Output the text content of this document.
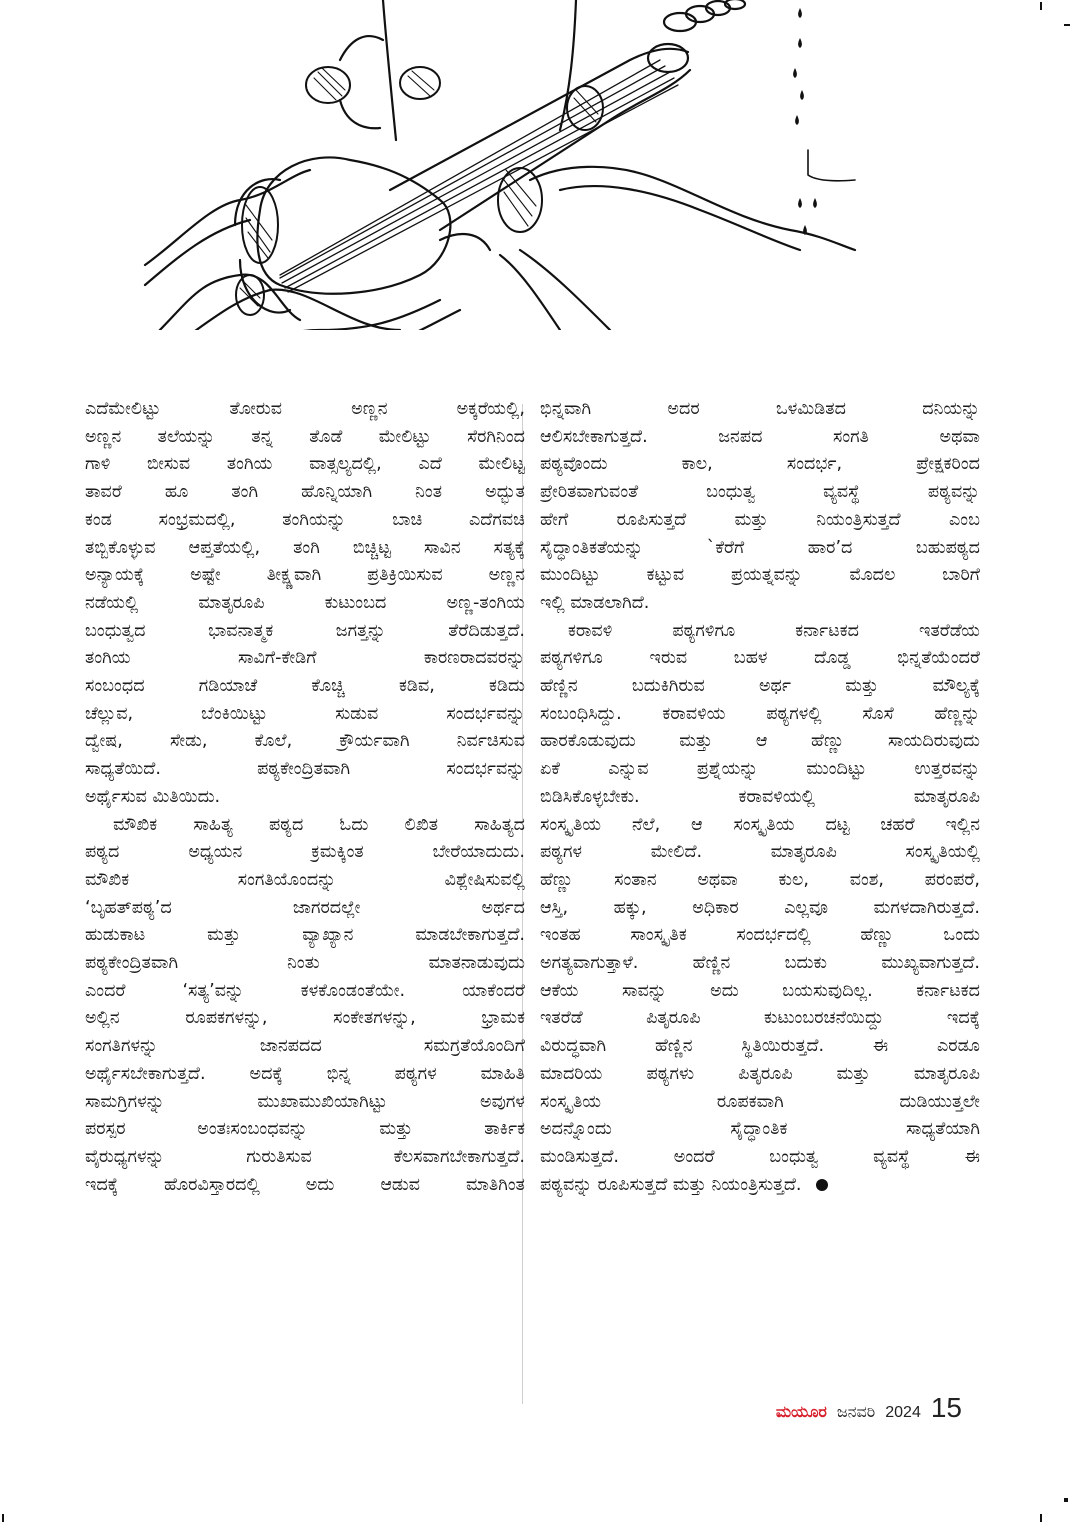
ಎದೆಮೇಲಿಟ್ಟು ತೋರುವ ಅಣ್ಣನ ಅಕ್ಕರೆಯಲ್ಲಿ,
ಅಣ್ಣನ ತಲೆಯನ್ನು ತನ್ನ ತೊಡೆ ಮೇಲಿಟ್ಟು ಸೆರಗಿನಿಂದ
ಗಾಳಿ ಬೀಸುವ ತಂಗಿಯ ವಾತ್ಸಲ್ಯದಲ್ಲಿ, ಎದೆ ಮೇಲಿಟ್ಟ
ತಾವರೆ ಹೂ ತಂಗಿ ಹೊನ್ನಿಯಾಗಿ ನಿಂತ ಅದ್ಭುತ
ಕಂಡ ಸಂಭ್ರಮದಲ್ಲಿ, ತಂಗಿಯನ್ನು ಬಾಚಿ ಎದೆಗವಚಿ
ತಬ್ಬಿಕೊಳ್ಳುವ ಆಪ್ತತೆಯಲ್ಲಿ, ತಂಗಿ ಬಿಚ್ಚಿಟ್ಟ ಸಾವಿನ ಸತ್ಯಕ್ಕೆ
ಅನ್ಯಾಯಕ್ಕೆ ಅಷ್ಟೇ ತೀಕ್ಷ್ಣವಾಗಿ ಪ್ರತಿಕ್ರಿಯಿಸುವ ಅಣ್ಣನ
ನಡೆಯಲ್ಲಿ ಮಾತೃರೂಪಿ ಕುಟುಂಬದ ಅಣ್ಣ-ತಂಗಿಯ
ಬಂಧುತ್ವದ ಭಾವನಾತ್ಮಕ ಜಗತ್ತನ್ನು ತೆರೆದಿಡುತ್ತದೆ.
ತಂಗಿಯ ಸಾವಿಗೆ-ಕೇಡಿಗೆ ಕಾರಣರಾದವರನ್ನು
ಸಂಬಂಧದ ಗಡಿಯಾಚೆ ಕೊಚ್ಚಿ ಕಡಿವ, ಕಡಿದು
ಚೆಲ್ಲುವ, ಬೆಂಕಿಯಿಟ್ಟು ಸುಡುವ ಸಂದರ್ಭವನ್ನು
ದ್ವೇಷ, ಸೇಡು, ಕೊಲೆ, ಕ್ರೌರ್ಯವಾಗಿ ನಿರ್ವಚಿಸುವ
ಸಾಧ್ಯತೆಯಿದೆ. ಪಠ್ಯಕೇಂದ್ರಿತವಾಗಿ ಸಂದರ್ಭವನ್ನು
ಅರ್ಥೈಸುವ ಮಿತಿಯಿದು.
ಮೌಖಿಕ ಸಾಹಿತ್ಯ ಪಠ್ಯದ ಓದು ಲಿಖಿತ ಸಾಹಿತ್ಯದ
ಪಠ್ಯದ ಅಧ್ಯಯನ ಕ್ರಮಕ್ಕಿಂತ ಬೇರೆಯಾದುದು.
ಮೌಖಿಕ ಸಂಗತಿಯೊಂದನ್ನು ವಿಶ್ಲೇಷಿಸುವಲ್ಲಿ
‘ಬೃಹತ್‌ಪಠ್ಯ’ದ ಜಾಗರದಲ್ಲೇ ಅರ್ಥದ
ಹುಡುಕಾಟ ಮತ್ತು ವ್ಯಾಖ್ಯಾನ ಮಾಡಬೇಕಾಗುತ್ತದೆ.
ಪಠ್ಯಕೇಂದ್ರಿತವಾಗಿ ನಿಂತು ಮಾತನಾಡುವುದು
ಎಂದರೆ ‘ಸತ್ಯ’ವನ್ನು ಕಳಕೊಂಡಂತೆಯೇ. ಯಾಕೆಂದರೆ
ಅಲ್ಲಿನ ರೂಪಕಗಳನ್ನು, ಸಂಕೇತಗಳನ್ನು, ಭ್ರಾಮಕ
ಸಂಗತಿಗಳನ್ನು ಜಾನಪದದ ಸಮಗ್ರತೆಯೊಂದಿಗೆ
ಅರ್ಥೈಸಬೇಕಾಗುತ್ತದೆ. ಅದಕ್ಕೆ ಭಿನ್ನ ಪಠ್ಯಗಳ ಮಾಹಿತಿ
ಸಾಮಗ್ರಿಗಳನ್ನು ಮುಖಾಮುಖಿಯಾಗಿಟ್ಟು ಅವುಗಳ
ಪರಸ್ಪರ ಅಂತಃಸಂಬಂಧವನ್ನು ಮತ್ತು ತಾರ್ಕಿಕ
ವೈರುಧ್ಯಗಳನ್ನು ಗುರುತಿಸುವ ಕೆಲಸವಾಗಬೇಕಾಗುತ್ತದೆ.
ಇದಕ್ಕೆ ಹೊರವಿಸ್ತಾರದಲ್ಲಿ ಅದು ಆಡುವ ಮಾತಿಗಿಂತ
ಭಿನ್ನವಾಗಿ ಅದರ ಒಳಮಿಡಿತದ ದನಿಯನ್ನು
ಆಲಿಸಬೇಕಾಗುತ್ತದೆ. ಜನಪದ ಸಂಗತಿ ಅಥವಾ
ಪಠ್ಯವೊಂದು ಕಾಲ, ಸಂದರ್ಭ, ಪ್ರೇಕ್ಷಕರಿಂದ
ಪ್ರೇರಿತವಾಗುವಂತೆ ಬಂಧುತ್ವ ವ್ಯವಸ್ಥೆ ಪಠ್ಯವನ್ನು
ಹೇಗೆ ರೂಪಿಸುತ್ತದೆ ಮತ್ತು ನಿಯಂತ್ರಿಸುತ್ತದೆ ಎಂಬ
ಸೈದ್ಧಾಂತಿಕತೆಯನ್ನು `ಕೆರೆಗೆ ಹಾರ’ದ ಬಹುಪಠ್ಯದ
ಮುಂದಿಟ್ಟು ಕಟ್ಟುವ ಪ್ರಯತ್ನವನ್ನು ಮೊದಲ ಬಾರಿಗೆ
ಇಲ್ಲಿ ಮಾಡಲಾಗಿದೆ.
ಕರಾವಳಿ ಪಠ್ಯಗಳಿಗೂ ಕರ್ನಾಟಕದ ಇತರೆಡೆಯ
ಪಠ್ಯಗಳಿಗೂ ಇರುವ ಬಹಳ ದೊಡ್ಡ ಭಿನ್ನತೆಯೆಂದರೆ
ಹೆಣ್ಣಿನ ಬದುಕಿಗಿರುವ ಅರ್ಥ ಮತ್ತು ಮೌಲ್ಯಕ್ಕೆ
ಸಂಬಂಧಿಸಿದ್ದು. ಕರಾವಳಿಯ ಪಠ್ಯಗಳಲ್ಲಿ ಸೊಸೆ ಹೆಣ್ಣನ್ನು
ಹಾರಕೊಡುವುದು ಮತ್ತು ಆ ಹೆಣ್ಣು ಸಾಯದಿರುವುದು
ಏಕೆ ಎನ್ನುವ ಪ್ರಶ್ನೆಯನ್ನು ಮುಂದಿಟ್ಟು ಉತ್ತರವನ್ನು
ಬಿಡಿಸಿಕೊಳ್ಳಬೇಕು. ಕರಾವಳಿಯಲ್ಲಿ ಮಾತೃರೂಪಿ
ಸಂಸ್ಕೃತಿಯ ನೆಲೆ, ಆ ಸಂಸ್ಕೃತಿಯ ದಟ್ಟ ಚಹರೆ ಇಲ್ಲಿನ
ಪಠ್ಯಗಳ ಮೇಲಿದೆ. ಮಾತೃರೂಪಿ ಸಂಸ್ಕೃತಿಯಲ್ಲಿ
ಹೆಣ್ಣು ಸಂತಾನ ಅಥವಾ ಕುಲ, ವಂಶ, ಪರಂಪರೆ,
ಆಸ್ತಿ, ಹಕ್ಕು, ಅಧಿಕಾರ ಎಲ್ಲವೂ ಮಗಳದಾಗಿರುತ್ತದೆ.
ಇಂತಹ ಸಾಂಸ್ಕೃತಿಕ ಸಂದರ್ಭದಲ್ಲಿ ಹೆಣ್ಣು ಒಂದು
ಅಗತ್ಯವಾಗುತ್ತಾಳೆ. ಹೆಣ್ಣಿನ ಬದುಕು ಮುಖ್ಯವಾಗುತ್ತದೆ.
ಆಕೆಯ ಸಾವನ್ನು ಅದು ಬಯಸುವುದಿಲ್ಲ. ಕರ್ನಾಟಕದ
ಇತರೆಡೆ ಪಿತೃರೂಪಿ ಕುಟುಂಬರಚನೆಯಿದ್ದು ಇದಕ್ಕೆ
ವಿರುದ್ಧವಾಗಿ ಹೆಣ್ಣಿನ ಸ್ಥಿತಿಯಿರುತ್ತದೆ. ಈ ಎರಡೂ
ಮಾದರಿಯ ಪಠ್ಯಗಳು ಪಿತೃರೂಪಿ ಮತ್ತು ಮಾತೃರೂಪಿ
ಸಂಸ್ಕೃತಿಯ ರೂಪಕವಾಗಿ ದುಡಿಯುತ್ತಲೇ
ಅದನ್ನೊಂದು ಸೈದ್ಧಾಂತಿಕ ಸಾಧ್ಯತೆಯಾಗಿ
ಮಂಡಿಸುತ್ತದೆ. ಅಂದರೆ ಬಂಧುತ್ವ ವ್ಯವಸ್ಥೆ ಈ
ಪಠ್ಯವನ್ನು ರೂಪಿಸುತ್ತದೆ ಮತ್ತು ನಿಯಂತ್ರಿಸುತ್ತದೆ.
ಮಯೂರ ಜನವರಿ 2024 15
